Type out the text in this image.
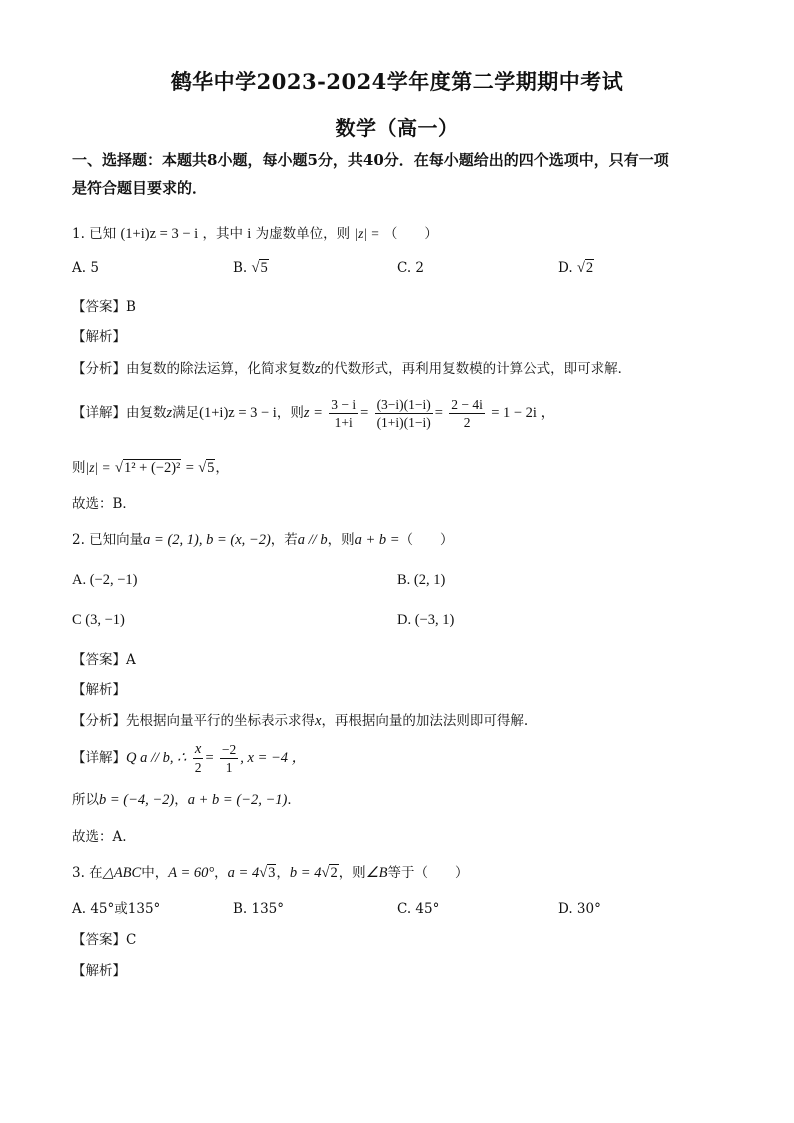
鹤华中学2023-2024学年度第二学期期中考试
数学（高一）
一、选择题：本题共8小题，每小题5分，共40分．在每小题给出的四个选项中，只有一项
是符合题目要求的．
1. 已知 (1+i)z = 3 − i ，其中 i 为虚数单位，则 |z| = （　　）
A. 5	B. √5	C. 2	D. √2
【答案】B
【解析】
【分析】由复数的除法运算，化简求复数z的代数形式，再利用复数模的计算公式，即可求解．
【详解】由复数z满足(1+i)z = 3 − i，则$z = \frac{3 - i}{1+i} = \frac{(3-i)(1-i)}{(1+i)(1-i)} = \frac{2 - 4i}{2} = 1 - 2i$ ，
则|z| = √1² + (−2)² = √5，
故选：B．
2. 已知向量a = (2, 1), b = (x, −2)，若a // b，则a + b =（　　）
A. (−2, −1)	B. (2, 1)
C (3, −1)	D. (−3, 1)
【答案】A
【解析】
【分析】先根据向量平行的坐标表示求得x，再根据向量的加法法则即可得解.
【详解】Q a // b, ∴ $\frac{x}{2} = \frac{-2}{1}$ , x = −4 ，
所以b = (−4, −2)，a + b = (−2, −1)．
故选：A.
3. 在△ABC中，A = 60°，a = 4√3，b = 4√2，则∠B等于（　　）
A. 45°或135°	B. 135°	C. 45°	D. 30°
【答案】C
【解析】
